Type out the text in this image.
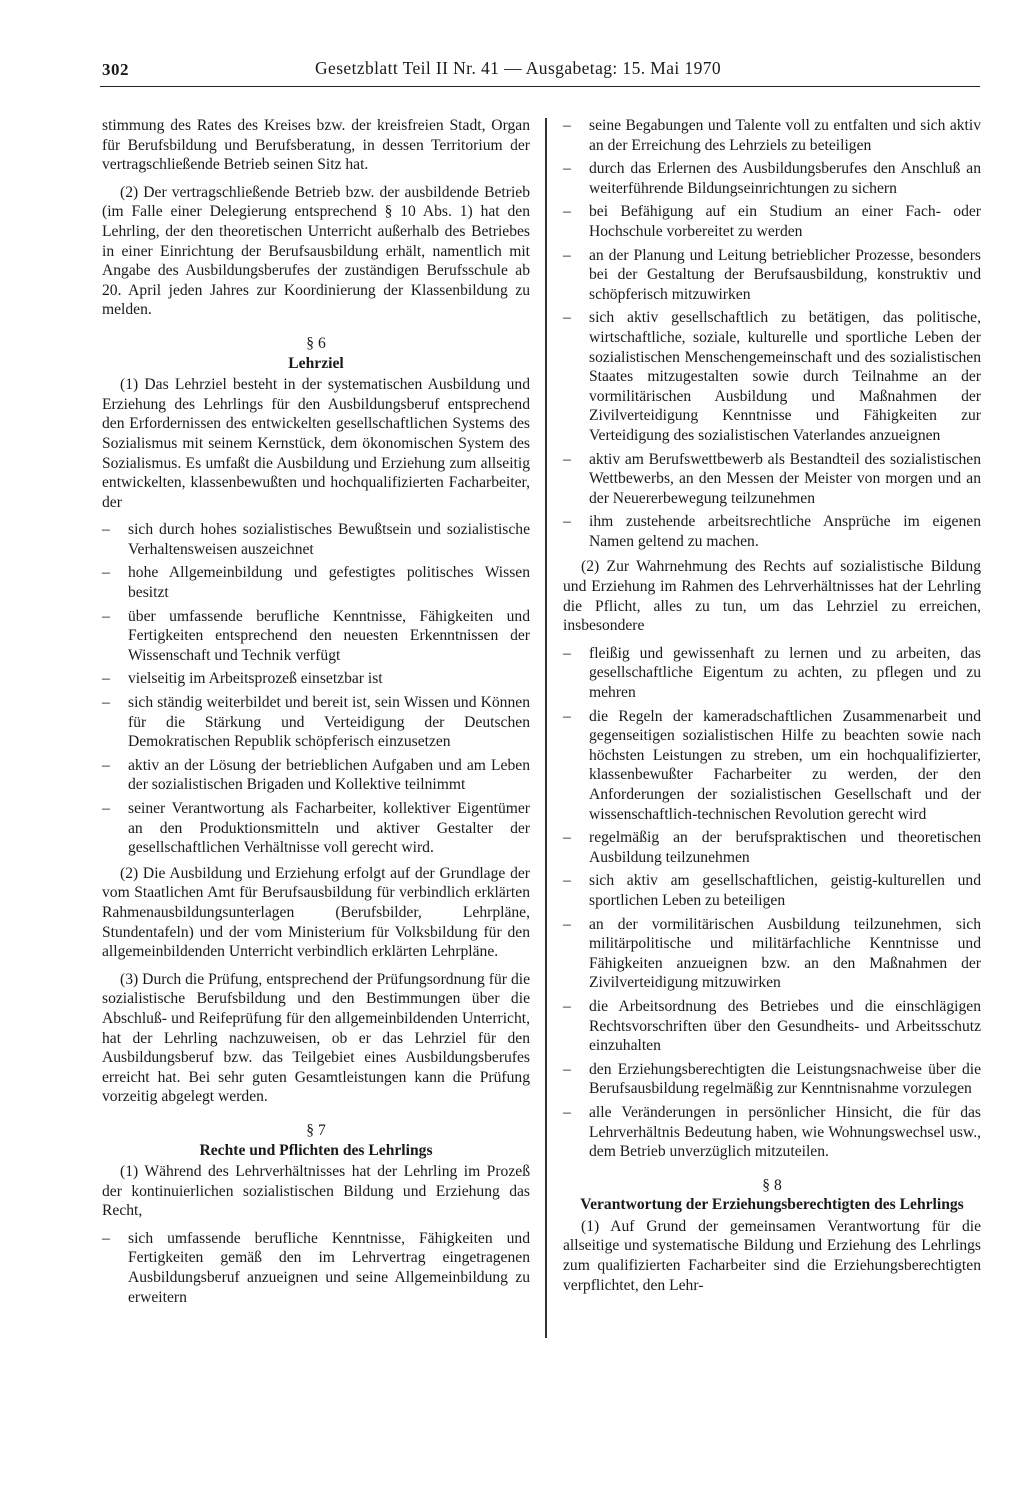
302	Gesetzblatt Teil II Nr. 41 — Ausgabetag: 15. Mai 1970

stimmung des Rates des Kreises bzw. der kreisfreien Stadt, Organ für Berufsbildung und Berufsberatung, in dessen Territorium der vertragschließende Betrieb seinen Sitz hat.

(2) Der vertragschließende Betrieb bzw. der ausbildende Betrieb (im Falle einer Delegierung entsprechend § 10 Abs. 1) hat den Lehrling, der den theoretischen Unterricht außerhalb des Betriebes in einer Einrichtung der Berufsausbildung erhält, namentlich mit Angabe des Ausbildungsberufes der zuständigen Berufsschule ab 20. April jeden Jahres zur Koordinierung der Klassenbildung zu melden.

§ 6

Lehrziel

(1) Das Lehrziel besteht in der systematischen Ausbildung und Erziehung des Lehrlings für den Ausbildungsberuf entsprechend den Erfordernissen des entwickelten gesellschaftlichen Systems des Sozialismus mit seinem Kernstück, dem ökonomischen System des Sozialismus. Es umfaßt die Ausbildung und Erziehung zum allseitig entwickelten, klassenbewußten und hochqualifizierten Facharbeiter, der

– sich durch hohes sozialistisches Bewußtsein und sozialistische Verhaltensweisen auszeichnet
– hohe Allgemeinbildung und gefestigtes politisches Wissen besitzt
– über umfassende berufliche Kenntnisse, Fähigkeiten und Fertigkeiten entsprechend den neuesten Erkenntnissen der Wissenschaft und Technik verfügt
– vielseitig im Arbeitsprozeß einsetzbar ist
– sich ständig weiterbildet und bereit ist, sein Wissen und Können für die Stärkung und Verteidigung der Deutschen Demokratischen Republik schöpferisch einzusetzen
– aktiv an der Lösung der betrieblichen Aufgaben und am Leben der sozialistischen Brigaden und Kollektive teilnimmt
– seiner Verantwortung als Facharbeiter, kollektiver Eigentümer an den Produktionsmitteln und aktiver Gestalter der gesellschaftlichen Verhältnisse voll gerecht wird.

(2) Die Ausbildung und Erziehung erfolgt auf der Grundlage der vom Staatlichen Amt für Berufsausbildung für verbindlich erklärten Rahmenausbildungsunterlagen (Berufsbilder, Lehrpläne, Stundentafeln) und der vom Ministerium für Volksbildung für den allgemeinbildenden Unterricht verbindlich erklärten Lehrpläne.

(3) Durch die Prüfung, entsprechend der Prüfungsordnung für die sozialistische Berufsbildung und den Bestimmungen über die Abschluß- und Reifeprüfung für den allgemeinbildenden Unterricht, hat der Lehrling nachzuweisen, ob er das Lehrziel für den Ausbildungsberuf bzw. das Teilgebiet eines Ausbildungsberufes erreicht hat. Bei sehr guten Gesamtleistungen kann die Prüfung vorzeitig abgelegt werden.

§ 7

Rechte und Pflichten des Lehrlings

(1) Während des Lehrverhältnisses hat der Lehrling im Prozeß der kontinuierlichen sozialistischen Bildung und Erziehung das Recht,

– sich umfassende berufliche Kenntnisse, Fähigkeiten und Fertigkeiten gemäß den im Lehrvertrag eingetragenen Ausbildungsberuf anzueignen und seine Allgemeinbildung zu erweitern
– seine Begabungen und Talente voll zu entfalten und sich aktiv an der Erreichung des Lehrziels zu beteiligen
– durch das Erlernen des Ausbildungsberufes den Anschluß an weiterführende Bildungseinrichtungen zu sichern
– bei Befähigung auf ein Studium an einer Fach- oder Hochschule vorbereitet zu werden
– an der Planung und Leitung betrieblicher Prozesse, besonders bei der Gestaltung der Berufsausbildung, konstruktiv und schöpferisch mitzuwirken
– sich aktiv gesellschaftlich zu betätigen, das politische, wirtschaftliche, soziale, kulturelle und sportliche Leben der sozialistischen Menschengemeinschaft und des sozialistischen Staates mitzugestalten sowie durch Teilnahme an der vormilitärischen Ausbildung und Maßnahmen der Zivilverteidigung Kenntnisse und Fähigkeiten zur Verteidigung des sozialistischen Vaterlandes anzueignen
– aktiv am Berufswettbewerb als Bestandteil des sozialistischen Wettbewerbs, an den Messen der Meister von morgen und an der Neuererbewegung teilzunehmen
– ihm zustehende arbeitsrechtliche Ansprüche im eigenen Namen geltend zu machen.

(2) Zur Wahrnehmung des Rechts auf sozialistische Bildung und Erziehung im Rahmen des Lehrverhältnisses hat der Lehrling die Pflicht, alles zu tun, um das Lehrziel zu erreichen, insbesondere

– fleißig und gewissenhaft zu lernen und zu arbeiten, das gesellschaftliche Eigentum zu achten, zu pflegen und zu mehren
– die Regeln der kameradschaftlichen Zusammenarbeit und gegenseitigen sozialistischen Hilfe zu beachten sowie nach höchsten Leistungen zu streben, um ein hochqualifizierter, klassenbewußter Facharbeiter zu werden, der den Anforderungen der sozialistischen Gesellschaft und der wissenschaftlich-technischen Revolution gerecht wird
– regelmäßig an der berufspraktischen und theoretischen Ausbildung teilzunehmen
– sich aktiv am gesellschaftlichen, geistig-kulturellen und sportlichen Leben zu beteiligen
– an der vormilitärischen Ausbildung teilzunehmen, sich militärpolitische und militärfachliche Kenntnisse und Fähigkeiten anzueignen bzw. an den Maßnahmen der Zivilverteidigung mitzuwirken
– die Arbeitsordnung des Betriebes und die einschlägigen Rechtsvorschriften über den Gesundheits- und Arbeitsschutz einzuhalten
– den Erziehungsberechtigten die Leistungsnachweise über die Berufsausbildung regelmäßig zur Kenntnisnahme vorzulegen
– alle Veränderungen in persönlicher Hinsicht, die für das Lehrverhältnis Bedeutung haben, wie Wohnungswechsel usw., dem Betrieb unverzüglich mitzuteilen.

§ 8

Verantwortung der Erziehungsberechtigten des Lehrlings

(1) Auf Grund der gemeinsamen Verantwortung für die allseitige und systematische Bildung und Erziehung des Lehrlings zum qualifizierten Facharbeiter sind die Erziehungsberechtigten verpflichtet, den Lehr-
